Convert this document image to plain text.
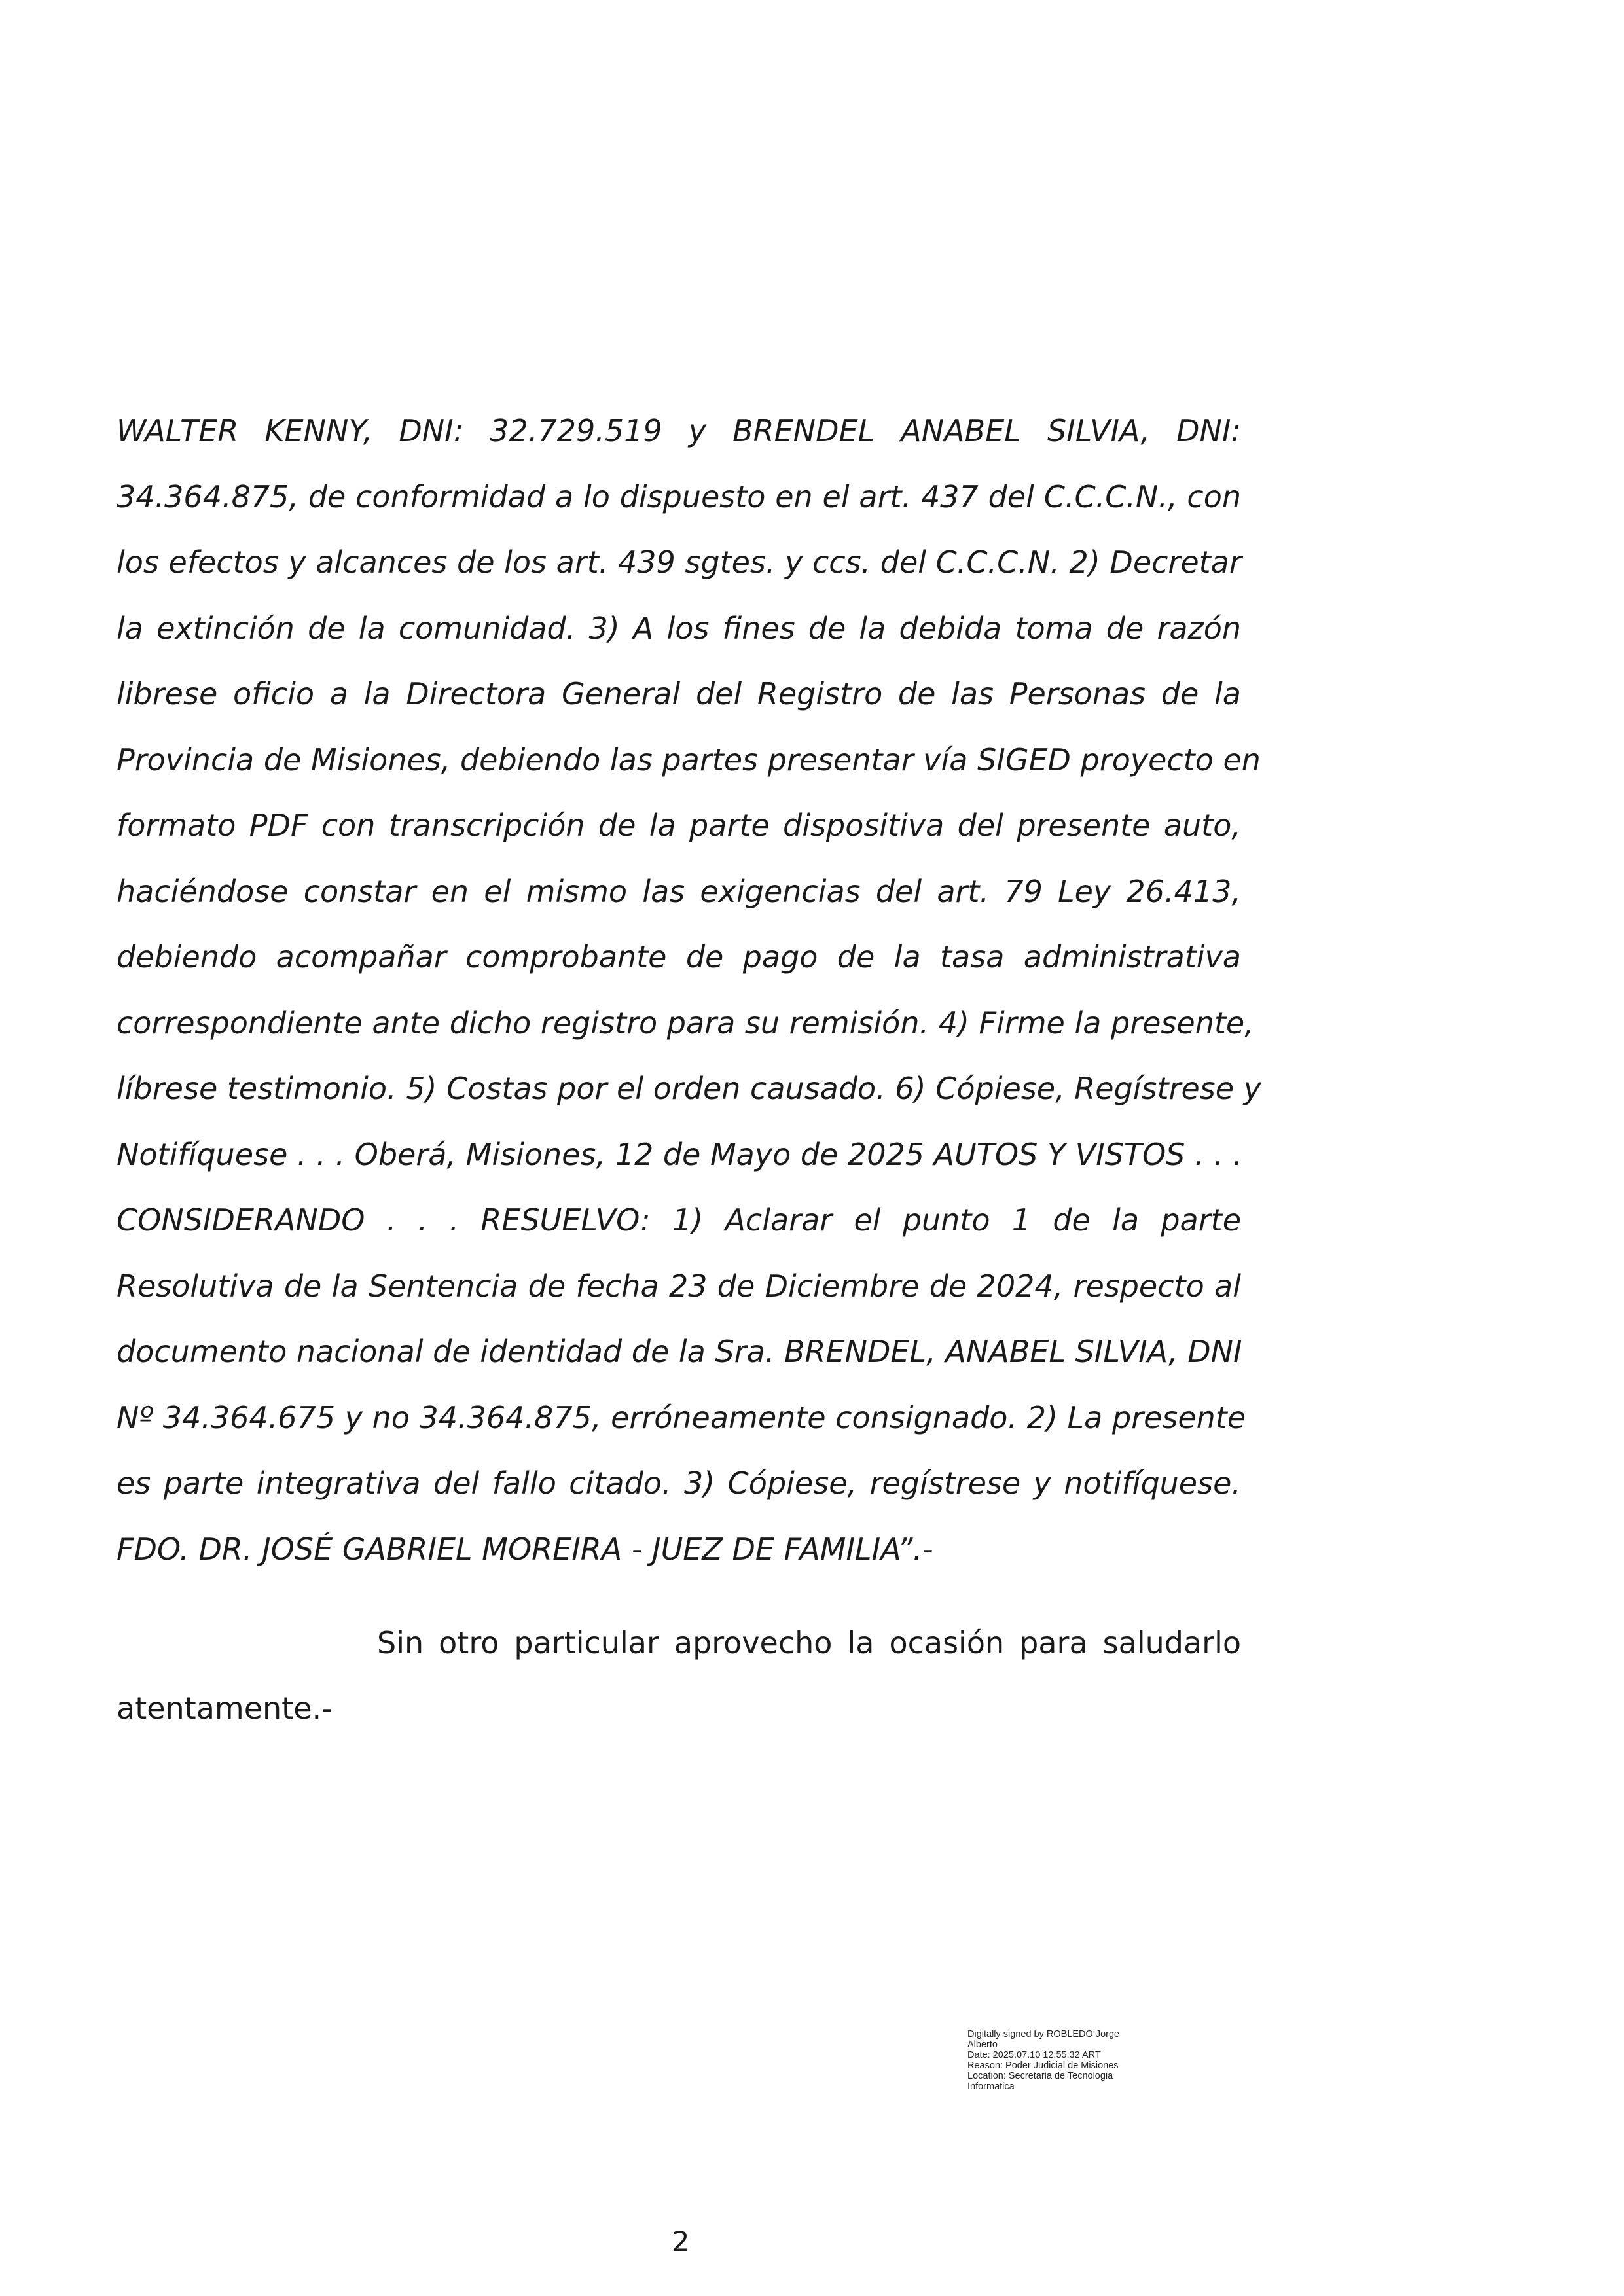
WALTER KENNY, DNI: 32.729.519 y BRENDEL ANABEL SILVIA, DNI:
34.364.875, de conformidad a lo dispuesto en el art. 437 del C.C.C.N., con
los efectos y alcances de los art. 439 sgtes. y ccs. del C.C.C.N. 2) Decretar
la extinción de la comunidad. 3) A los fines de la debida toma de razón
librese oficio a la Directora General del Registro de las Personas de la
Provincia de Misiones, debiendo las partes presentar vía SIGED proyecto en
formato PDF con transcripción de la parte dispositiva del presente auto,
haciéndose constar en el mismo las exigencias del art. 79 Ley 26.413,
debiendo acompañar comprobante de pago de la tasa administrativa
correspondiente ante dicho registro para su remisión. 4) Firme la presente,
líbrese testimonio. 5) Costas por el orden causado. 6) Cópiese, Regístrese y
Notifíquese . . . Oberá, Misiones, 12 de Mayo de 2025 AUTOS Y VISTOS . . .
CONSIDERANDO . . . RESUELVO: 1) Aclarar el punto 1 de la parte
Resolutiva de la Sentencia de fecha 23 de Diciembre de 2024, respecto al
documento nacional de identidad de la Sra. BRENDEL, ANABEL SILVIA, DNI
Nº 34.364.675 y no 34.364.875, erróneamente consignado. 2) La presente
es parte integrativa del fallo citado. 3) Cópiese, regístrese y notifíquese.
FDO. DR. JOSÉ GABRIEL MOREIRA - JUEZ DE FAMILIA”.-
Sin otro particular aprovecho la ocasión para saludarlo
atentamente.-
Digitally signed by ROBLEDO Jorge
Alberto
Date: 2025.07.10 12:55:32 ART
Reason: Poder Judicial de Misiones
Location: Secretaria de Tecnologia
Informatica
2
